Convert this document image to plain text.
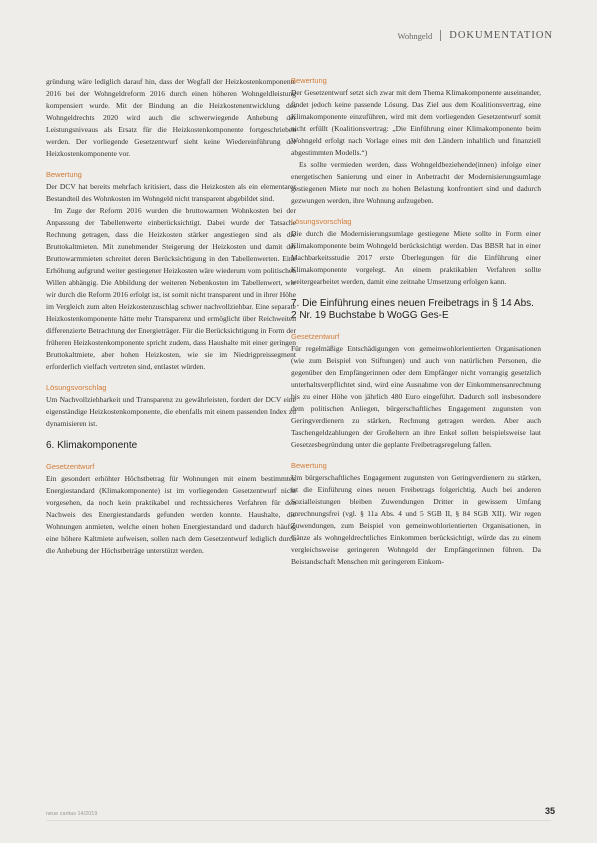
Wohngeld DOKUMENTATION

gründung wäre lediglich darauf hin, dass der Wegfall der Heizkostenkomponente 2016 bei der Wohngeldreform 2016 durch einen höheren Wohngeldleistung kompensiert wurde. Mit der Bindung an die Heizkostenentwicklung des Wohngeldrechts 2020 wird auch die schwerwiegende Anhebung der Leistungsniveaus als Ersatz für die Heizkostenkomponente fortgeschrieben werden. Der vorliegende Gesetzentwurf sieht keine Wiedereinführung der Heizkostenkomponente vor.

Bewertung

Der DCV hat bereits mehrfach kritisiert, dass die Heizkosten als ein elementarer Bestandteil des Wohnkosten im Wohngeld nicht transparent abgebildet sind.

Im Zuge der Reform 2016 wurden die bruttowarmen Wohnkosten bei der Anpassung der Tabellenwerte einberücksichtigt. Dabei wurde der Tatsache Rechnung getragen, dass die Heizkosten stärker angestiegen sind als die Bruttokaltmieten. Mit zunehmender Steigerung der Heizkosten und damit der Bruttowarmmieten schreitet deren Berücksichtigung in den Tabellenwerten. Eine Erhöhung aufgrund weiter gestiegener Heizkosten wäre wiederum vom politischen Willen abhängig. Die Abbildung der weiteren Nebenkosten im Tabellenwert, wie wir durch die Reform 2016 erfolgt ist, ist somit nicht transparent und in ihrer Höhe im Vergleich zum alten Heizkostenzuschlag schwer nachvollziehbar. Eine separate Heizkostenkomponente hätte mehr Transparenz und ermöglicht über Reichweiten differenzierte Betrachtung der Energieträger. Für die Berücksichtigung in Form der früheren Heizkostenkomponente spricht zudem, dass Haushalte mit einer geringen Bruttokaltmiete, aber hohen Heizkosten, wie sie im Niedrigpreissegment erforderlich vielfach vertreten sind, entlastet würden.

Lösungsvorschlag

Um Nachvollziehbarkeit und Transparenz zu gewährleisten, fordert der DCV eine eigenständige Heizkostenkomponente, die ebenfalls mit einem passenden Index zu dynamisieren ist.

6. Klimakomponente
Gesetzentwurf

Ein gesondert erhöhter Höchstbetrag für Wohnungen mit einem bestimmten Energiestandard (Klimakomponente) ist im vorliegenden Gesetzentwurf nicht vorgesehen, da noch kein praktikabel und rechtssicheres Verfahren für den Nachweis des Energiestandards gefunden werden konnte. Haushalte, die Wohnungen anmieten, welche einen hohen Energiestandard und dadurch häufig eine höhere Kaltmiete aufweisen, sollen nach dem Gesetzentwurf lediglich durch die Anhebung der Höchstbeträge unterstützt werden.

Bewertung

Der Gesetzentwurf setzt sich zwar mit dem Thema Klimakomponente auseinander, findet jedoch keine passende Lösung. Das Ziel aus dem Koalitionsvertrag, eine Klimakomponente einzuführen, wird mit dem vorliegenden Gesetzentwurf somit nicht erfüllt (Koalitionsvertrag: „Die Einführung einer Klimakomponente beim Wohngeld erfolgt nach Vorlage eines mit den Ländern inhaltlich und finanziell abgestimmten Modells.“)

Es sollte vermieden werden, dass Wohngeldbeziehende(innen) infolge einer energetischen Sanierung und einer in Anbetracht der Modernisierungsumlage gestiegenen Miete nur noch zu hohen Belastung konfrontiert sind und dadurch gezwungen werden, ihre Wohnung aufzugeben.

Lösungsvorschlag

Die durch die Modernisierungsumlage gestiegene Miete sollte in Form einer Klimakomponente beim Wohngeld berücksichtigt werden. Das BBSR hat in einer Machbarkeitsstudie 2017 erste Überlegungen für die Einführung einer Klimakomponente vorgelegt. An einem praktikablen Verfahren sollte weitergearbeitet werden, damit eine zeitnahe Umsetzung erfolgen kann.

7. Die Einführung eines neuen Freibetrags in § 14 Abs. 2 Nr. 19 Buchstabe b WoGG Ges-E
Gesetzentwurf

Für regelmäßige Entschädigungen von gemeinwohlorientierten Organisationen (wie zum Beispiel von Stiftungen) und auch von natürlichen Personen, die gegenüber den Empfängerinnen oder dem Empfänger nicht vorrangig gesetzlich unterhaltsverpflichtet sind, wird eine Ausnahme von der Einkommensanrechnung bis zu einer Höhe von jährlich 480 Euro eingeführt. Dadurch soll insbesondere dem politischen Anliegen, bürgerschaftliches Engagement zugunsten von Geringverdienern zu stärken, Rechnung getragen werden. Aber auch Taschengeldzahlungen der Großeltern an ihre Enkel sollen beispielsweise laut Gesetzesbegründung unter die geplante Freibetragsregelung fallen.

Bewertung

Um bürgerschaftliches Engagement zugunsten von Geringverdienern zu stärken, ist die Einführung eines neuen Freibetrags folgerichtig. Auch bei anderen Sozialleistungen bleiben Zuwendungen Dritter in gewissem Umfang anrechnungsfrei (vgl. § 11a Abs. 4 und 5 SGB II, § 84 SGB XII). Wir regen Zuwendungen, zum Beispiel von gemeinwohlorientierten Organisationen, in Gänze als wohngeldrechtliches Einkommen berücksichtigt, würde das zu einem vergleichsweise geringeren Wohngeld der Empfängerinnen führen. Da Beistandschaft Menschen mit geringerem Einkom-

neue caritas 14/2019	35
